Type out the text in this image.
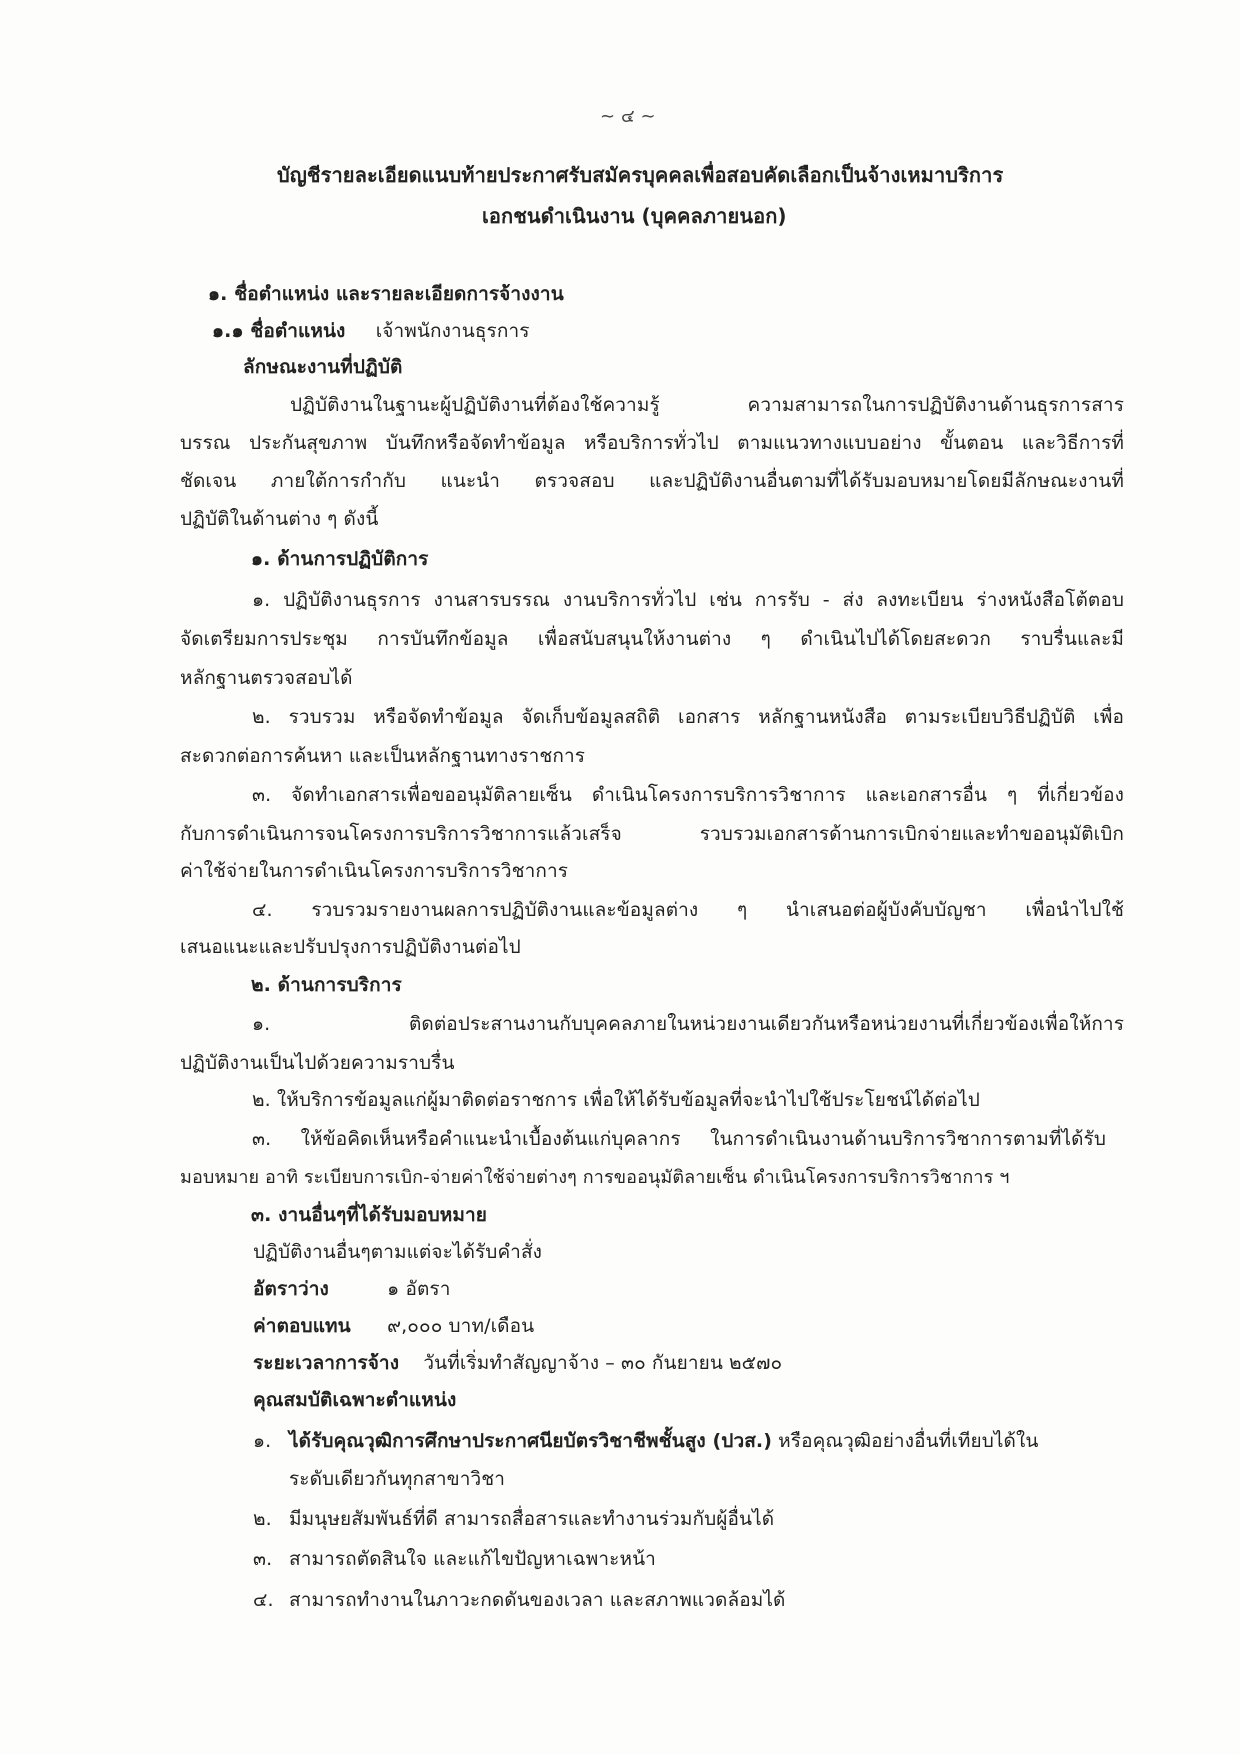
~ ๔ ~
บัญชีรายละเอียดแนบท้ายประกาศรับสมัครบุคคลเพื่อสอบคัดเลือกเป็นจ้างเหมาบริการ
เอกชนดำเนินงาน (บุคคลภายนอก)
๑. ชื่อตำแหน่ง และรายละเอียดการจ้างงาน
๑.๑ ชื่อตำแหน่ง เจ้าพนักงานธุรการ
ลักษณะงานที่ปฏิบัติ
ปฏิบัติงานในฐานะผู้ปฏิบัติงานที่ต้องใช้ความรู้ ความสามารถในการปฏิบัติงานด้านธุรการสาร
บรรณ ประกันสุขภาพ บันทึกหรือจัดทำข้อมูล หรือบริการทั่วไป ตามแนวทางแบบอย่าง ขั้นตอน และวิธีการที่
ชัดเจน ภายใต้การกำกับ แนะนำ ตรวจสอบ และปฏิบัติงานอื่นตามที่ได้รับมอบหมายโดยมีลักษณะงานที่
ปฏิบัติในด้านต่าง ๆ ดังนี้
๑. ด้านการปฏิบัติการ
๑. ปฏิบัติงานธุรการ งานสารบรรณ งานบริการทั่วไป เช่น การรับ - ส่ง ลงทะเบียน ร่างหนังสือโต้ตอบ
จัดเตรียมการประชุม การบันทึกข้อมูล เพื่อสนับสนุนให้งานต่าง ๆ ดำเนินไปได้โดยสะดวก ราบรื่นและมี
หลักฐานตรวจสอบได้
๒. รวบรวม หรือจัดทำข้อมูล จัดเก็บข้อมูลสถิติ เอกสาร หลักฐานหนังสือ ตามระเบียบวิธีปฏิบัติ เพื่อ
สะดวกต่อการค้นหา และเป็นหลักฐานทางราชการ
๓. จัดทำเอกสารเพื่อขออนุมัติลายเซ็น ดำเนินโครงการบริการวิชาการ และเอกสารอื่น ๆ ที่เกี่ยวข้อง
กับการดำเนินการจนโครงการบริการวิชาการแล้วเสร็จ รวบรวมเอกสารด้านการเบิกจ่ายและทำขออนุมัติเบิก
ค่าใช้จ่ายในการดำเนินโครงการบริการวิชาการ
๔. รวบรวมรายงานผลการปฏิบัติงานและข้อมูลต่าง ๆ นำเสนอต่อผู้บังคับบัญชา เพื่อนำไปใช้
เสนอแนะและปรับปรุงการปฏิบัติงานต่อไป
๒. ด้านการบริการ
๑. ติดต่อประสานงานกับบุคคลภายในหน่วยงานเดียวกันหรือหน่วยงานที่เกี่ยวข้องเพื่อให้การ
ปฏิบัติงานเป็นไปด้วยความราบรื่น
๒. ให้บริการข้อมูลแก่ผู้มาติดต่อราชการ เพื่อให้ได้รับข้อมูลที่จะนำไปใช้ประโยชน์ได้ต่อไป
๓. ให้ข้อคิดเห็นหรือคำแนะนำเบื้องต้นแก่บุคลากร ในการดำเนินงานด้านบริการวิชาการตามที่ได้รับ
มอบหมาย อาทิ ระเบียบการเบิก-จ่ายค่าใช้จ่ายต่างๆ การขออนุมัติลายเซ็น ดำเนินโครงการบริการวิชาการ ฯ
๓. งานอื่นๆที่ได้รับมอบหมาย
ปฏิบัติงานอื่นๆตามแต่จะได้รับคำสั่ง
อัตราว่าง	๑ อัตรา
ค่าตอบแทน ๙,๐๐๐ บาท/เดือน
ระยะเวลาการจ้าง วันที่เริ่มทำสัญญาจ้าง – ๓๐ กันยายน ๒๕๗๐
คุณสมบัติเฉพาะตำแหน่ง
๑. ได้รับคุณวุฒิการศึกษาประกาศนียบัตรวิชาชีพชั้นสูง (ปวส.) หรือคุณวุฒิอย่างอื่นที่เทียบได้ใน
ระดับเดียวกันทุกสาขาวิชา
๒. มีมนุษยสัมพันธ์ที่ดี สามารถสื่อสารและทำงานร่วมกับผู้อื่นได้
๓. สามารถตัดสินใจ และแก้ไขปัญหาเฉพาะหน้า
๔. สามารถทำงานในภาวะกดดันของเวลา และสภาพแวดล้อมได้
